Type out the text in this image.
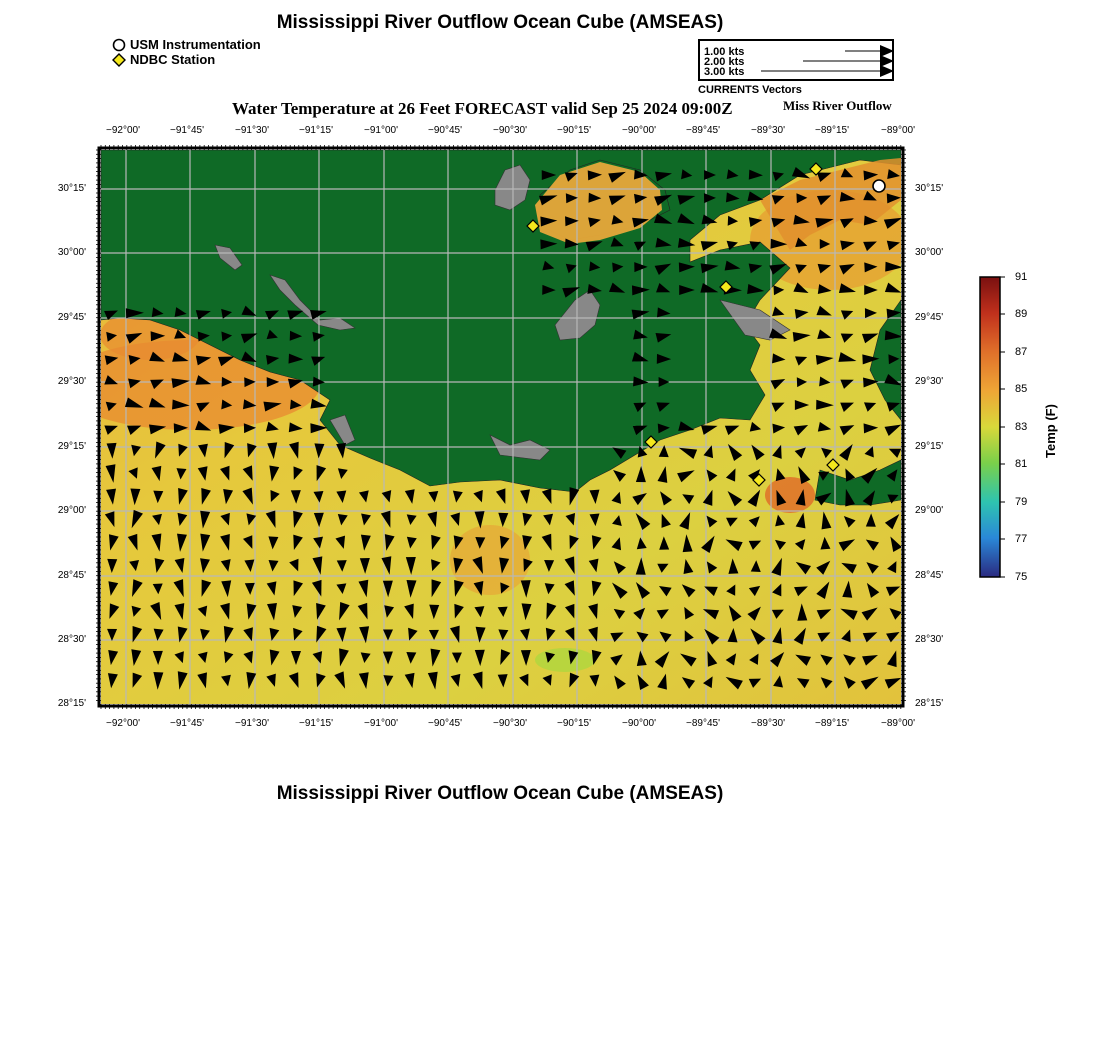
Mississippi River Outflow Ocean Cube (AMSEAS)
USM Instrumentation
NDBC Station	1.00 kts
2.00 kts
3.00 kts
CURRENTS Vectors
Water Temperature at 26 Feet FORECAST valid Sep 25 2024 09:00Z	Miss River Outflow
−92°00'	−91°45'	−91°30'	−91°15'	−91°00'	−90°45'	−90°30'	−90°15'	−90°00'	−89°45'	−89°30'	−89°15'	−89°00'
−92°00'	−91°45'	−91°30'	−91°15'	−91°00'	−90°45'	−90°30'	−90°15'	−90°00'	−89°45'	−89°30'	−89°15'	−89°00'
30°15'
30°00'
29°45'
29°30'
29°15'
29°00'
28°45'
28°30'
28°15'
30°15'
30°00'
29°45'
29°30'
29°15'
29°00'
28°45'
28°30'
28°15'
91
89
87
85
83
81
79
77
75
Temp (F)
Mississippi River Outflow Ocean Cube (AMSEAS)
